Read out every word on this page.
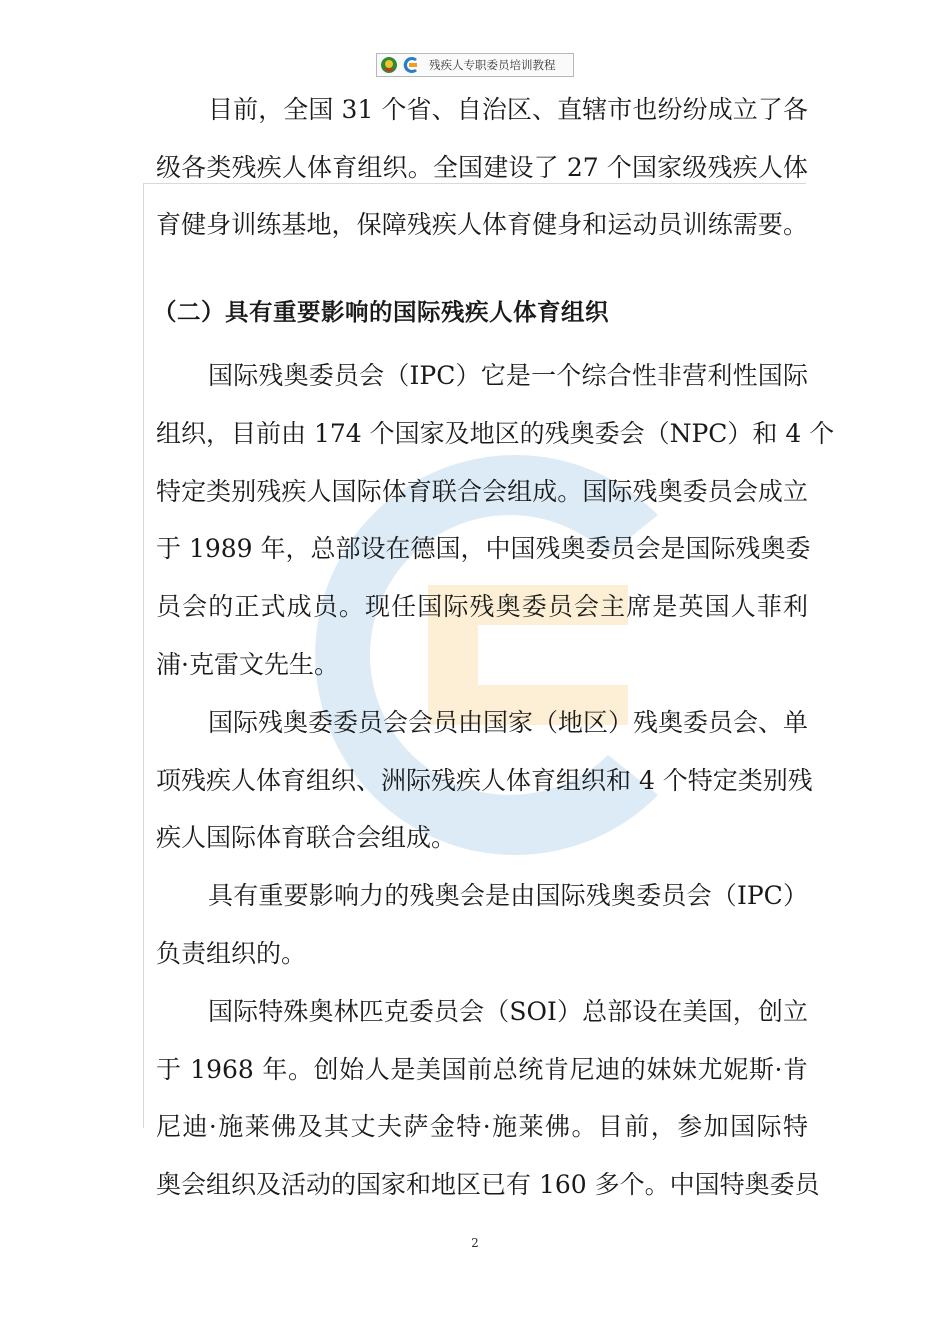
残疾人专职委员培训教程
目前，全国 31 个省、自治区、直辖市也纷纷成立了各
级各类残疾人体育组织。全国建设了 27 个国家级残疾人体
育健身训练基地，保障残疾人体育健身和运动员训练需要。
（二）具有重要影响的国际残疾人体育组织
国际残奥委员会（IPC）它是一个综合性非营利性国际
组织，目前由 174 个国家及地区的残奥委会（NPC）和 4 个
特定类别残疾人国际体育联合会组成。国际残奥委员会成立
于 1989 年，总部设在德国，中国残奥委员会是国际残奥委
员会的正式成员。现任国际残奥委员会主席是英国人菲利
浦·克雷文先生。
国际残奥委委员会会员由国家（地区）残奥委员会、单
项残疾人体育组织、洲际残疾人体育组织和 4 个特定类别残
疾人国际体育联合会组成。
具有重要影响力的残奥会是由国际残奥委员会（IPC）
负责组织的。
国际特殊奥林匹克委员会（SOI）总部设在美国，创立
于 1968 年。创始人是美国前总统肯尼迪的妹妹尤妮斯·肯
尼迪·施莱佛及其丈夫萨金特·施莱佛。目前，参加国际特
奥会组织及活动的国家和地区已有 160 多个。中国特奥委员
2
